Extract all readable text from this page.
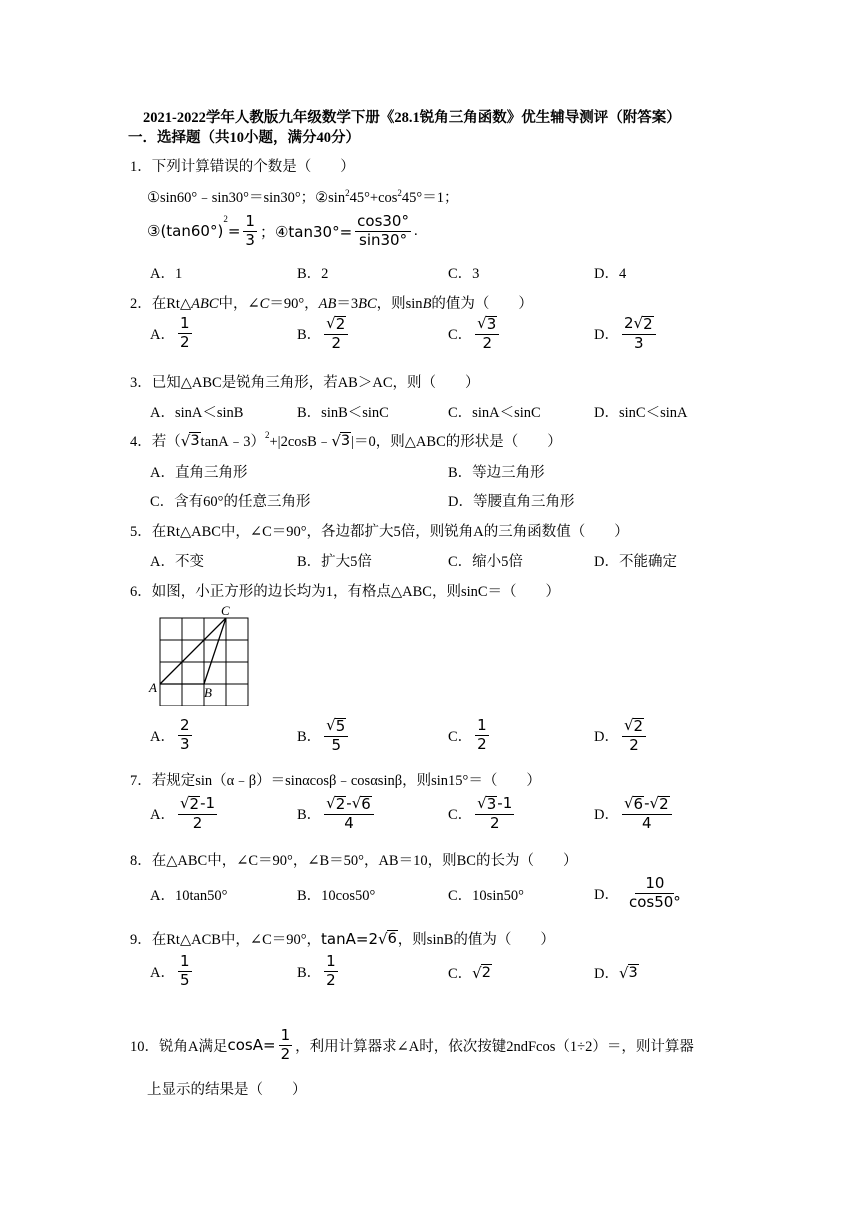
2021-2022学年人教版九年级数学下册《28.1锐角三角函数》优生辅导测评（附答案）
一．选择题（共10小题，满分40分）
1．下列计算错误的个数是（　　）
①sin60°﹣sin30°＝sin30°；$②\sin^245^\circ+\cos^245^\circ=1$；
③(tan60°)
$^2$
= $\frac{1}{3}$ ；④tan30°= $\frac{\cos 30^\circ}{\sin 30^\circ}$ .
A．1	B．2	C．3	D．4
2．在Rt△ABC中，∠C＝90°，AB＝3BC，则sinB的值为（　　）
A． $\frac{1}{2}$	B． $\frac{√ 2}{2}$	C． $\frac{√ 3}{2}$	D． $\frac{2 √ 2}{3}$
3．已知△ABC是锐角三角形，若AB＞AC，则（　　）
A．sinA＜sinB	B．sinB＜sinC	C．sinA＜sinC	D．sinC＜sinA
4．若（ √ 3 tanA﹣3）$^2$ +|2cosB﹣ √ 3 |＝0，则△ABC的形状是（　　）
A．直角三角形	B．等边三角形
C．含有60°的任意三角形	D．等腰直角三角形
5．在Rt△ABC中，∠C＝90°，各边都扩大5倍，则锐角A的三角函数值（　　）
A．不变	B．扩大5倍	C．缩小5倍	D．不能确定
6．如图，小正方形的边长均为1，有格点△ABC，则sinC＝（　　）
A	B
C
A． $\frac{2}{3}$	B． $\frac{√ 5}{5}$	C． $\frac{1}{2}$	D． $\frac{√ 2}{2}$
7．若规定sin（α﹣β）＝sinαcosβ﹣cosαsinβ，则sin15°＝（　　）
A． $\frac{√ 2 -1}{2}$	B． $\frac{√ 2 - √ 6}{4}$	C． $\frac{√ 3 -1}{2}$	D． $\frac{√ 6 - √ 2}{4}$
8．在△ABC中，∠C＝90°，∠B＝50°，AB＝10，则BC的长为（　　）
A．10tan50°	B．10cos50°	C．10sin50°	D． $\frac{10}{\cos 50^\circ}$
9．在Rt△ACB中，∠C＝90°， tanA=2 √ 6 ，则sinB的值为（　　）
A． $\frac{1}{5}$	B． $\frac{1}{2}$	C． √ 2	D． √ 3
10．锐角A满足 $\cos A= \frac{1}{2}$ ，利用计算器求∠A时，依次按键2ndFcos（1÷2）＝，则计算器
上显示的结果是（　　）
